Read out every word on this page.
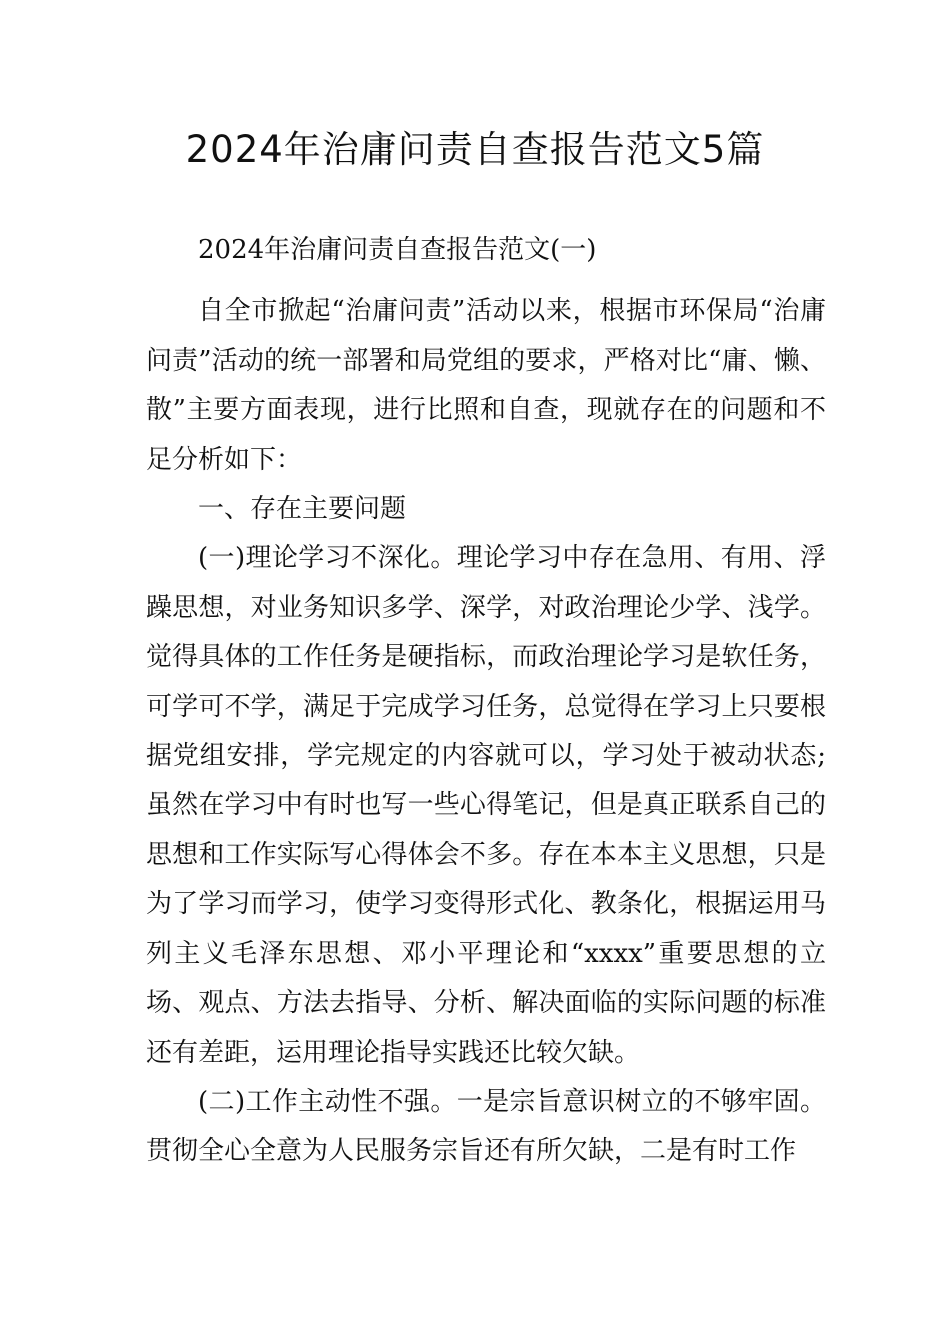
2024年治庸问责自查报告范文5篇

2024年治庸问责自查报告范文(一)

自全市掀起“治庸问责”活动以来，根据市环保局“治庸问责”活动的统一部署和局党组的要求，严格对比“庸、懒、散”主要方面表现，进行比照和自查，现就存在的问题和不足分析如下：

一、存在主要问题

(一)理论学习不深化。理论学习中存在急用、有用、浮躁思想，对业务知识多学、深学，对政治理论少学、浅学。觉得具体的工作任务是硬指标，而政治理论学习是软任务，可学可不学，满足于完成学习任务，总觉得在学习上只要根据党组安排，学完规定的内容就可以，学习处于被动状态;虽然在学习中有时也写一些心得笔记，但是真正联系自己的思想和工作实际写心得体会不多。存在本本主义思想，只是为了学习而学习，使学习变得形式化、教条化，根据运用马列主义毛泽东思想、邓小平理论和“xxxx”重要思想的立场、观点、方法去指导、分析、解决面临的实际问题的标准还有差距，运用理论指导实践还比较欠缺。

(二)工作主动性不强。一是宗旨意识树立的不够牢固。贯彻全心全意为人民服务宗旨还有所欠缺，二是有时工作
